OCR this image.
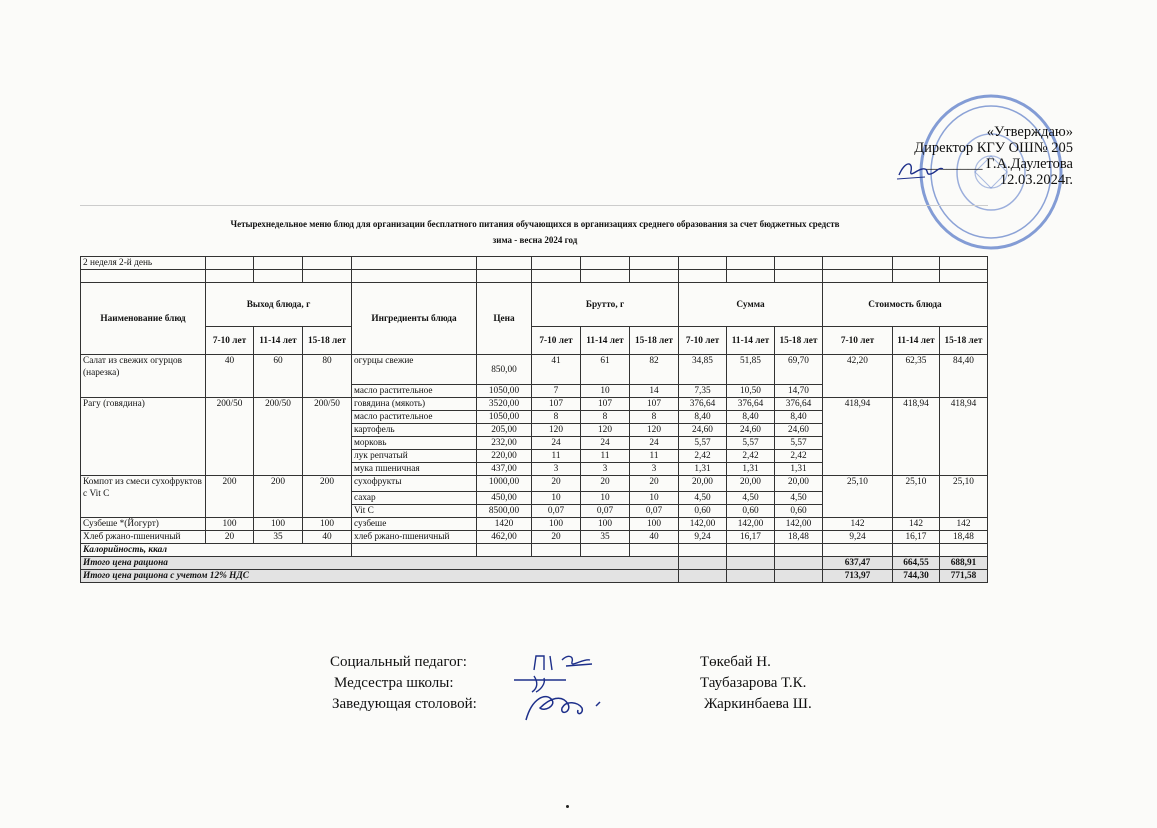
«Утверждаю»
Директор КГУ ОШ№ 205
________ Г.А.Даулетова
12.03.2024г.
Четырехнедельное меню блюд для организации бесплатного питания обучающихся в организациях среднего образования за счет бюджетных средств
зима - весна 2024 год
2 неделя 2-й день														

Наименование блюд	Выход блюда, г			Ингредиенты блюда	Цена	Брутто, г			Сумма			Стоимость блюда		
	7-10 лет	11-14 лет	15-18 лет			7-10 лет	11-14 лет	15-18 лет	7-10 лет	11-14 лет	15-18 лет	7-10 лет	11-14 лет	15-18 лет
Салат из свежих огурцов (нарезка)	40	60	80	огурцы свежие	850,00	41	61	82	34,85	51,85	69,70	42,20	62,35	84,40
				масло растительное	1050,00	7	10	14	7,35	10,50	14,70			
Рагу (говядина)	200/50	200/50	200/50	говядина (мякоть)	3520,00	107	107	107	376,64	376,64	376,64	418,94	418,94	418,94
				масло растительное	1050,00	8	8	8	8,40	8,40	8,40			
				картофель	205,00	120	120	120	24,60	24,60	24,60			
				морковь	232,00	24	24	24	5,57	5,57	5,57			
				лук репчатый	220,00	11	11	11	2,42	2,42	2,42			
				мука пшеничная	437,00	3	3	3	1,31	1,31	1,31			
Компот из смеси сухофруктов с Vit C	200	200	200	сухофрукты	1000,00	20	20	20	20,00	20,00	20,00	25,10	25,10	25,10
				сахар	450,00	10	10	10	4,50	4,50	4,50			
				Vit C	8500,00	0,07	0,07	0,07	0,60	0,60	0,60			
Сузбеше *(Йогурт)	100	100	100	сузбеше	1420	100	100	100	142,00	142,00	142,00	142	142	142
Хлеб ржано-пшеничный	20	35	40	хлеб ржано-пшеничный	462,00	20	35	40	9,24	16,17	18,48	9,24	16,17	18,48
Калорийность, ккал														
Итого цена рациона												637,47	664,55	688,91
Итого цена рациона с учетом 12% НДС												713,97	744,30	771,58
Социальный педагог:	Төкебай Н.
Медсестра школы:	Таубазарова Т.К.
Заведующая столовой:	Жаркинбаева Ш.
